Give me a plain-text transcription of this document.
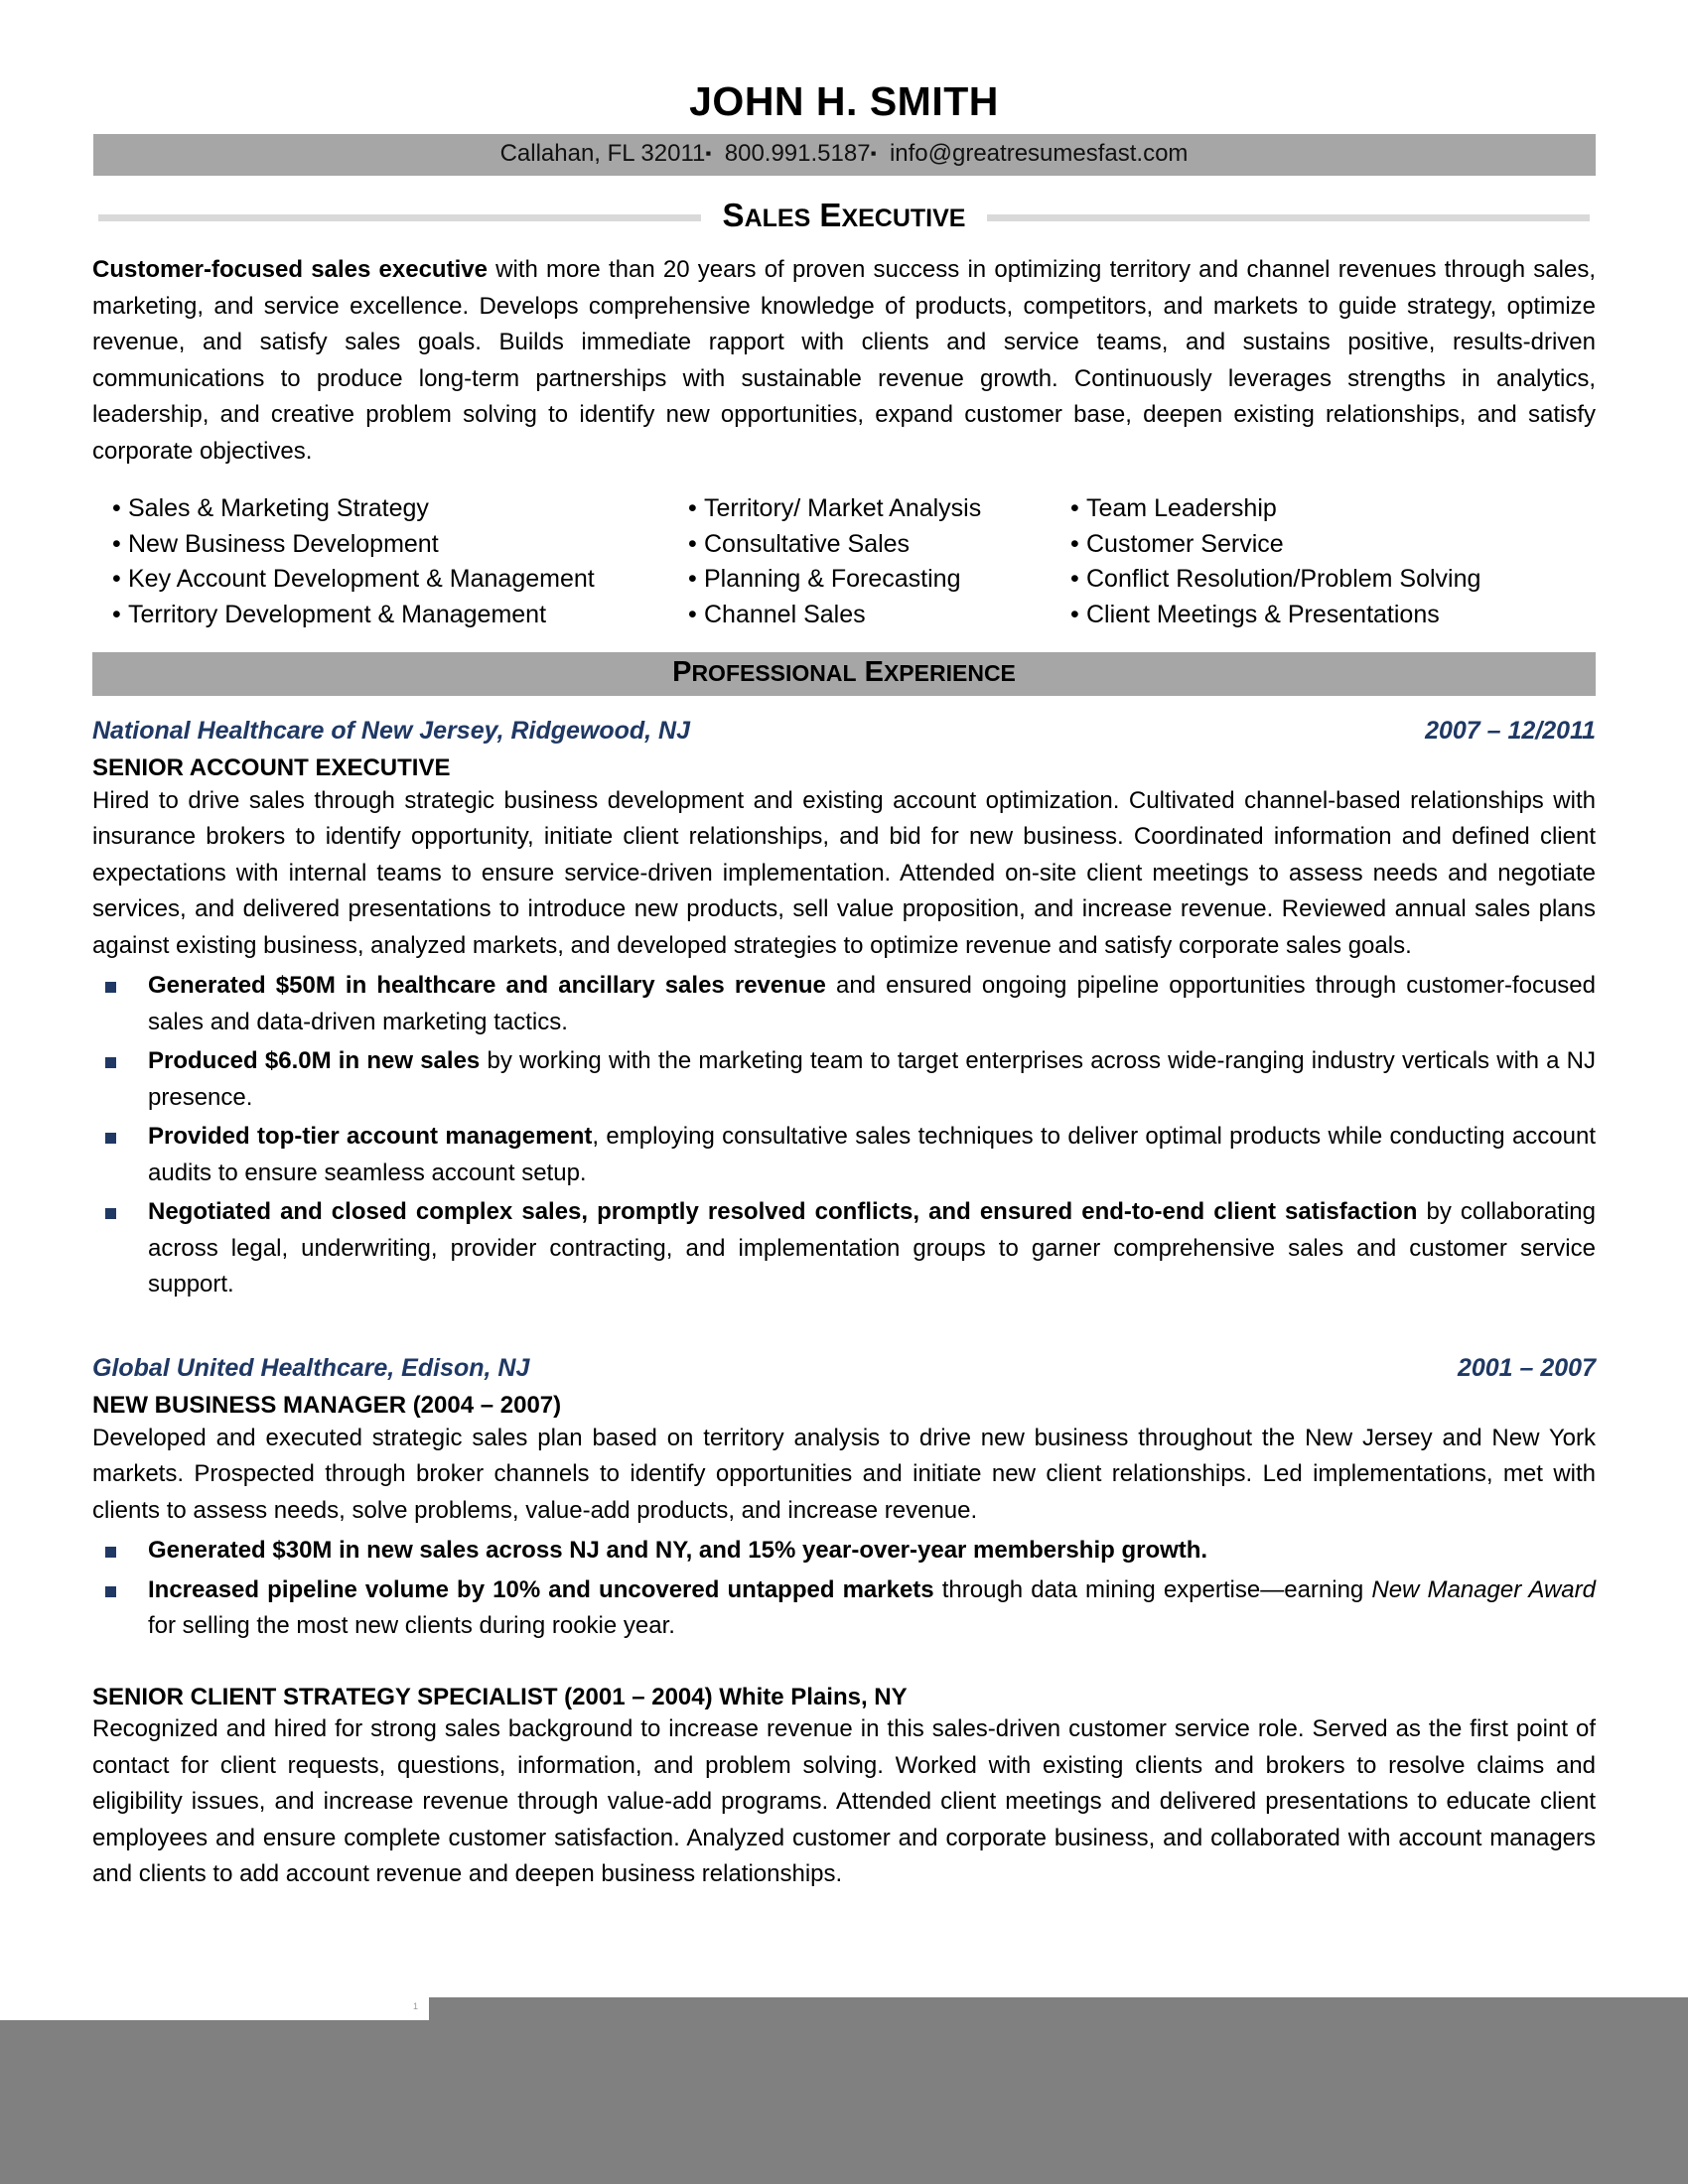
JOHN H. SMITH
Callahan, FL 32011▪ 800.991.5187▪ info@greatresumesfast.com
SALES EXECUTIVE

Customer-focused sales executive with more than 20 years of proven success in optimizing territory and channel revenues through sales, marketing, and service excellence. Develops comprehensive knowledge of products, competitors, and markets to guide strategy, optimize revenue, and satisfy sales goals. Builds immediate rapport with clients and service teams, and sustains positive, results-driven communications to produce long-term partnerships with sustainable revenue growth. Continuously leverages strengths in analytics, leadership, and creative problem solving to identify new opportunities, expand customer base, deepen existing relationships, and satisfy corporate objectives.

• Sales & Marketing Strategy
• New Business Development
• Key Account Development & Management
• Territory Development & Management
• Territory/ Market Analysis
• Consultative Sales
• Planning & Forecasting
• Channel Sales
• Team Leadership
• Customer Service
• Conflict Resolution/Problem Solving
• Client Meetings & Presentations
PROFESSIONAL EXPERIENCE
National Healthcare of New Jersey, Ridgewood, NJ	2007 – 12/2011
SENIOR ACCOUNT EXECUTIVE

Hired to drive sales through strategic business development and existing account optimization. Cultivated channel-based relationships with insurance brokers to identify opportunity, initiate client relationships, and bid for new business. Coordinated information and defined client expectations with internal teams to ensure service-driven implementation. Attended on-site client meetings to assess needs and negotiate services, and delivered presentations to introduce new products, sell value proposition, and increase revenue. Reviewed annual sales plans against existing business, analyzed markets, and developed strategies to optimize revenue and satisfy corporate sales goals.

Generated $50M in healthcare and ancillary sales revenue and ensured ongoing pipeline opportunities through customer-focused sales and data-driven marketing tactics.
Produced $6.0M in new sales by working with the marketing team to target enterprises across wide-ranging industry verticals with a NJ presence.
Provided top-tier account management, employing consultative sales techniques to deliver optimal products while conducting account audits to ensure seamless account setup.
Negotiated and closed complex sales, promptly resolved conflicts, and ensured end-to-end client satisfaction by collaborating across legal, underwriting, provider contracting, and implementation groups to garner comprehensive sales and customer service support.
Global United Healthcare, Edison, NJ	2001 – 2007
NEW BUSINESS MANAGER (2004 – 2007)

Developed and executed strategic sales plan based on territory analysis to drive new business throughout the New Jersey and New York markets. Prospected through broker channels to identify opportunities and initiate new client relationships. Led implementations, met with clients to assess needs, solve problems, value-add products, and increase revenue.

Generated $30M in new sales across NJ and NY, and 15% year-over-year membership growth.
Increased pipeline volume by 10% and uncovered untapped markets through data mining expertise—earning New Manager Award for selling the most new clients during rookie year.
SENIOR CLIENT STRATEGY SPECIALIST (2001 – 2004) White Plains, NY

Recognized and hired for strong sales background to increase revenue in this sales-driven customer service role. Served as the first point of contact for client requests, questions, information, and problem solving. Worked with existing clients and brokers to resolve claims and eligibility issues, and increase revenue through value-add programs. Attended client meetings and delivered presentations to educate client employees and ensure complete customer satisfaction. Analyzed customer and corporate business, and collaborated with account managers and clients to add account revenue and deepen business relationships.

1
